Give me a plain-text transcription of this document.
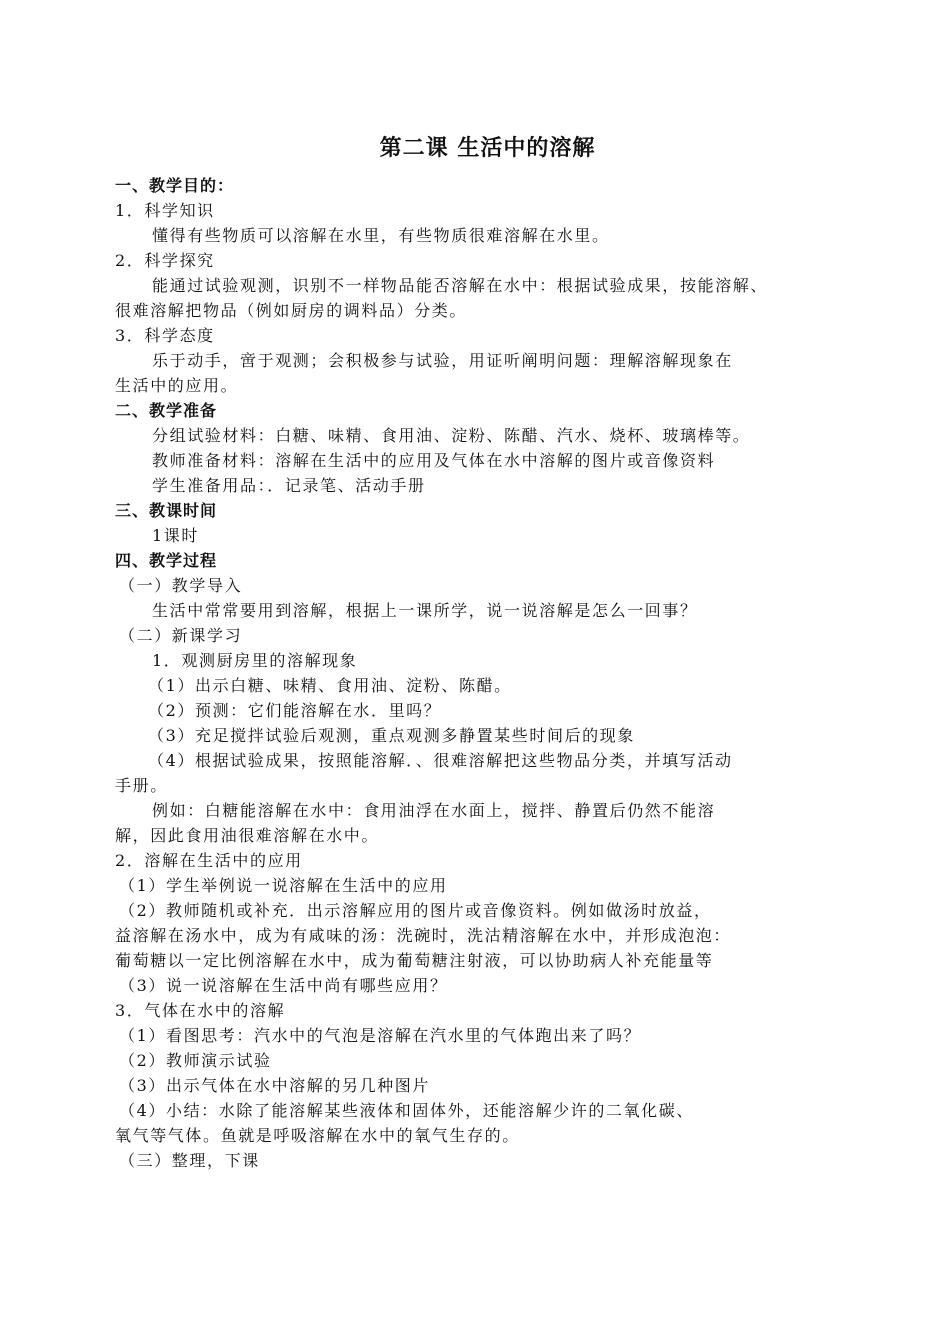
第二课 生活中的溶解
一、教学目的：
1．科学知识
懂得有些物质可以溶解在水里，有些物质很难溶解在水里。
2．科学探究
能通过试验观测，识别不一样物品能否溶解在水中：根据试验成果，按能溶解、
很难溶解把物品（例如厨房的调料品）分类。
3．科学态度
乐于动手，啻于观测；会积极参与试验，用证听阐明问题：理解溶解现象在
生活中的应用。
二、教学准备
分组试验材料：白糖、味精、食用油、淀粉、陈醋、汽水、烧杯、玻璃棒等。
教师准备材料：溶解在生活中的应用及气体在水中溶解的图片或音像资料
学生准备用品：．记录笔、活动手册
三、教课时间
1课时
四、教学过程
（一）教学导入
生活中常常要用到溶解，根据上一课所学，说一说溶解是怎么一回事？
（二）新课学习
1．观测厨房里的溶解现象
（1）出示白糖、味精、食用油、淀粉、陈醋。
（2）预测：它们能溶解在水．里吗？
（3）充足搅拌试验后观测，重点观测多静置某些时间后的现象
（4）根据试验成果，按照能溶解．、很难溶解把这些物品分类，并填写活动
手册。
例如：白糖能溶解在水中：食用油浮在水面上，搅拌、静置后仍然不能溶
解，因此食用油很难溶解在水中。
2．溶解在生活中的应用
（1）学生举例说一说溶解在生活中的应用
（2）教师随机或补充．出示溶解应用的图片或音像资料。例如做汤时放益，
益溶解在汤水中，成为有咸味的汤：洗碗时，洗沽精溶解在水中，并形成泡泡：
葡萄糖以一定比例溶解在水中，成为葡萄糖注射液，可以协助病人补充能量等
（3）说一说溶解在生活中尚有哪些应用？
3．气体在水中的溶解
（1）看图思考：汽水中的气泡是溶解在汽水里的气体跑出来了吗？
（2）教师演示试验
（3）出示气体在水中溶解的另几种图片
（4）小结：水除了能溶解某些液体和固体外，还能溶解少许的二氧化碳、
氧气等气体。鱼就是呼吸溶解在水中的氧气生存的。
（三）整理，下课
